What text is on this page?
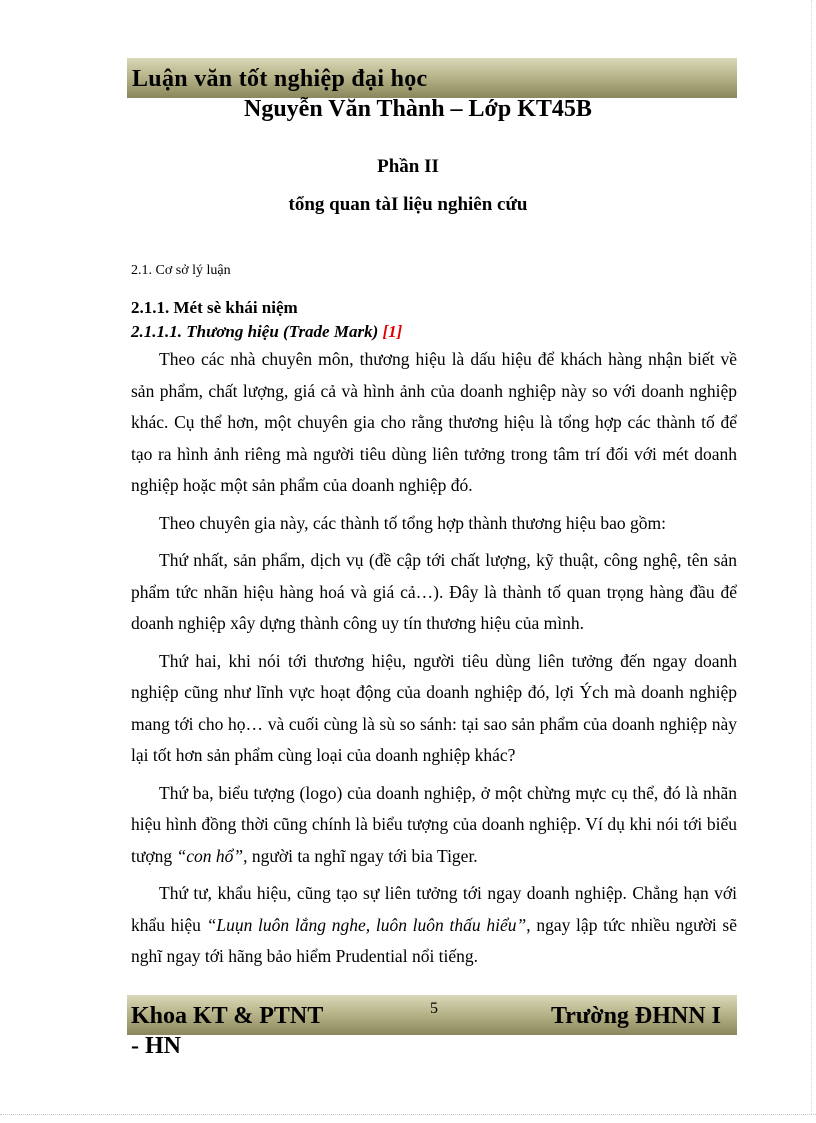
Luận văn tốt nghiệp đại học
Nguyễn Văn Thành – Lớp KT45B
Phần II
tổng quan tàI liệu nghiên cứu
2.1. Cơ sở lý luận
2.1.1. Mét sè khái niệm
2.1.1.1. Thương hiệu (Trade Mark) [1]

Theo các nhà chuyên môn, thương hiệu là dấu hiệu để khách hàng nhận biết về sản phẩm, chất lượng, giá cả và hình ảnh của doanh nghiệp này so với doanh nghiệp khác. Cụ thể hơn, một chuyên gia cho rằng thương hiệu là tổng hợp các thành tố để tạo ra hình ảnh riêng mà người tiêu dùng liên tưởng trong tâm trí đối với mét doanh nghiệp hoặc một sản phẩm của doanh nghiệp đó.

Theo chuyên gia này, các thành tố tổng hợp thành thương hiệu bao gồm:

Thứ nhất, sản phẩm, dịch vụ (đề cập tới chất lượng, kỹ thuật, công nghệ, tên sản phẩm tức nhãn hiệu hàng hoá và giá cả…). Đây là thành tố quan trọng hàng đầu để doanh nghiệp xây dựng thành công uy tín thương hiệu của mình.

Thứ hai, khi nói tới thương hiệu, người tiêu dùng liên tưởng đến ngay doanh nghiệp cũng như lĩnh vực hoạt động của doanh nghiệp đó, lợi Ých mà doanh nghiệp mang tới cho họ… và cuối cùng là sù so sánh: tại sao sản phẩm của doanh nghiệp này lại tốt hơn sản phẩm cùng loại của doanh nghiệp khác?

Thứ ba, biểu tượng (logo) của doanh nghiệp, ở một chừng mực cụ thể, đó là nhãn hiệu hình đồng thời cũng chính là biểu tượng của doanh nghiệp. Ví dụ khi nói tới biểu tượng “con hổ”, người ta nghĩ ngay tới bia Tiger.

Thứ tư, khẩu hiệu, cũng tạo sự liên tưởng tới ngay doanh nghiệp. Chẳng hạn với khẩu hiệu “Luụn luôn lắng nghe, luôn luôn thấu hiểu”, ngay lập tức nhiều người sẽ nghĩ ngay tới hãng bảo hiểm Prudential nổi tiếng.

Khoa KT & PTNT	5	Trường ĐHNN I
- HN
